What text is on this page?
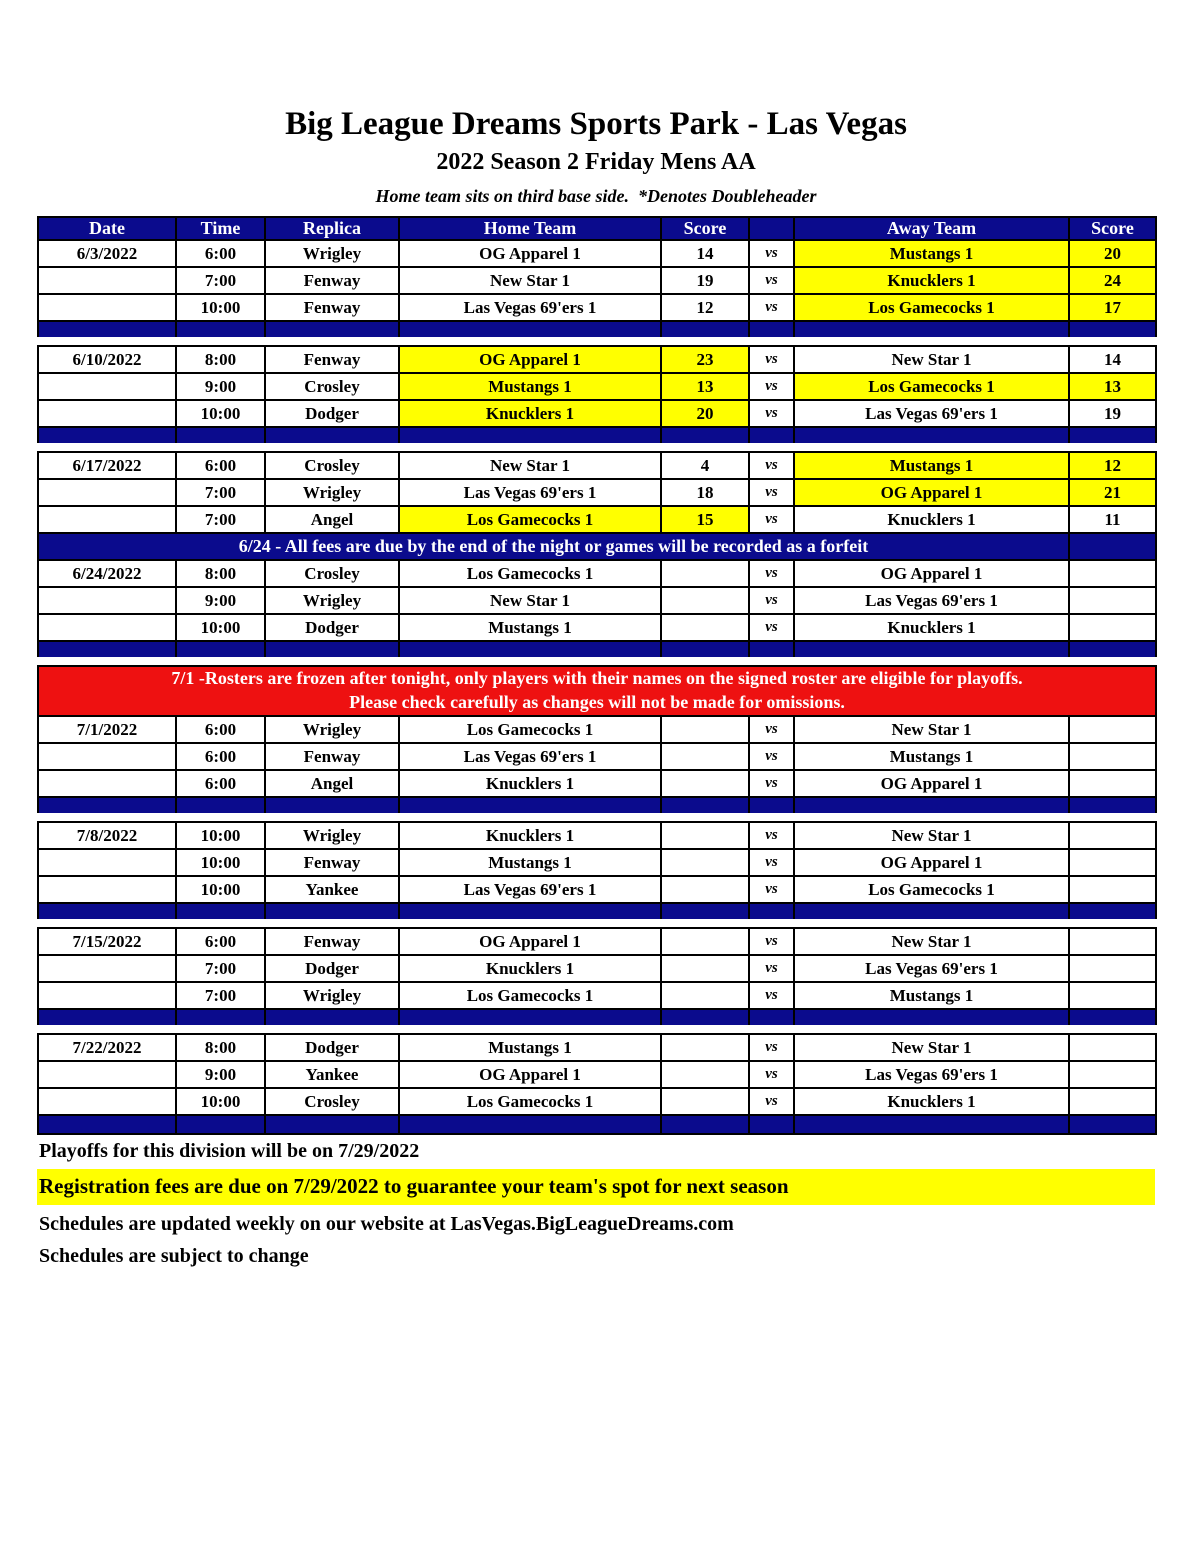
Big League Dreams Sports Park - Las Vegas
2022 Season 2 Friday Mens AA
Home team sits on third base side.  *Denotes Doubleheader
Date	Time	Replica	Home Team	Score		Away Team	Score
6/3/2022	6:00	Wrigley	OG Apparel 1	14	vs	Mustangs 1	20
	7:00	Fenway	New Star 1	19	vs	Knucklers 1	24
	10:00	Fenway	Las Vegas 69'ers 1	12	vs	Los Gamecocks 1	17

6/10/2022	8:00	Fenway	OG Apparel 1	23	vs	New Star 1	14
	9:00	Crosley	Mustangs 1	13	vs	Los Gamecocks 1	13
	10:00	Dodger	Knucklers 1	20	vs	Las Vegas 69'ers 1	19

6/17/2022	6:00	Crosley	New Star 1	4	vs	Mustangs 1	12
	7:00	Wrigley	Las Vegas 69'ers 1	18	vs	OG Apparel 1	21
	7:00	Angel	Los Gamecocks 1	15	vs	Knucklers 1	11
6/24 - All fees are due by the end of the night or games will be recorded as a forfeit							
6/24/2022	8:00	Crosley	Los Gamecocks 1		vs	OG Apparel 1	
	9:00	Wrigley	New Star 1		vs	Las Vegas 69'ers 1	
	10:00	Dodger	Mustangs 1		vs	Knucklers 1	

7/1 -Rosters are frozen after tonight, only players with their names on the signed roster are eligible for playoffs.
Please check carefully as changes will not be made for omissions.							

7/1/2022	6:00	Wrigley	Los Gamecocks 1		vs	New Star 1	
	6:00	Fenway	Las Vegas 69'ers 1		vs	Mustangs 1	
	6:00	Angel	Knucklers 1		vs	OG Apparel 1	

7/8/2022	10:00	Wrigley	Knucklers 1		vs	New Star 1	
	10:00	Fenway	Mustangs 1		vs	OG Apparel 1	
	10:00	Yankee	Las Vegas 69'ers 1		vs	Los Gamecocks 1	

7/15/2022	6:00	Fenway	OG Apparel 1		vs	New Star 1	
	7:00	Dodger	Knucklers 1		vs	Las Vegas 69'ers 1	
	7:00	Wrigley	Los Gamecocks 1		vs	Mustangs 1	

7/22/2022	8:00	Dodger	Mustangs 1		vs	New Star 1	
	9:00	Yankee	OG Apparel 1		vs	Las Vegas 69'ers 1	
	10:00	Crosley	Los Gamecocks 1		vs	Knucklers 1	

Playoffs for this division will be on 7/29/2022
Registration fees are due on 7/29/2022 to guarantee your team's spot for next season
Schedules are updated weekly on our website at LasVegas.BigLeagueDreams.com
Schedules are subject to change
